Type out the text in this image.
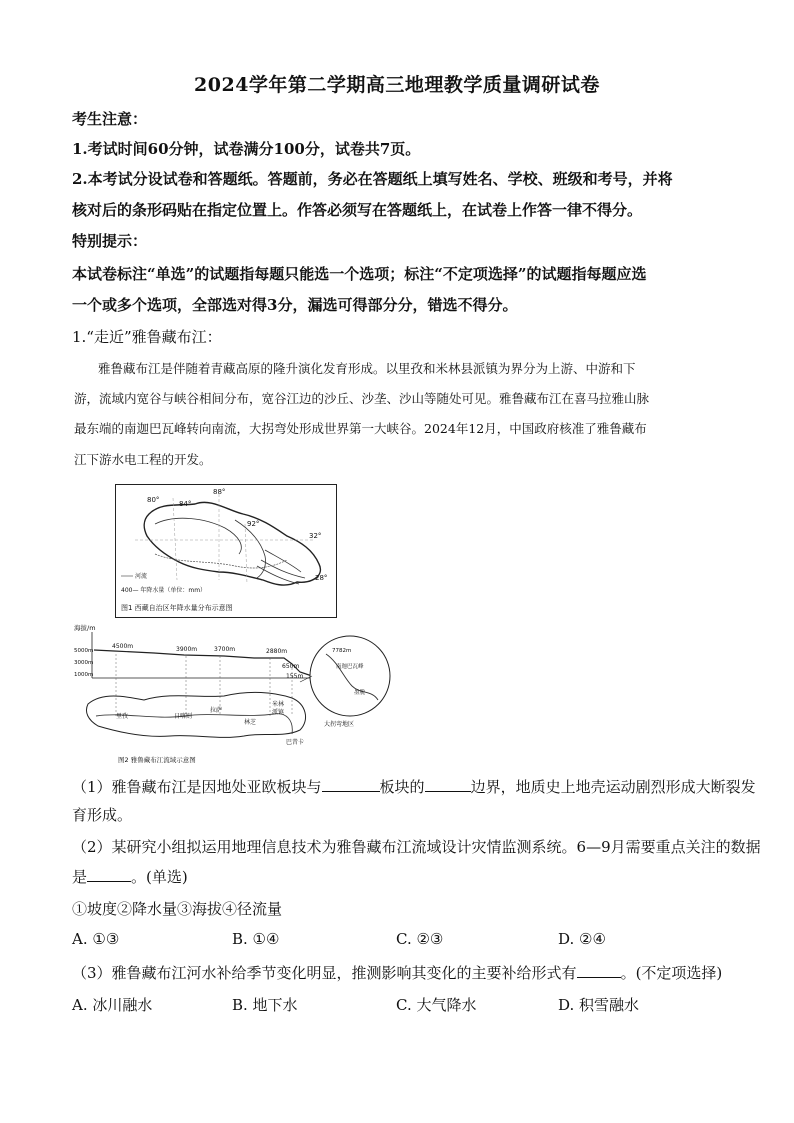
2024学年第二学期高三地理教学质量调研试卷
考生注意：
1.考试时间60分钟，试卷满分100分，试卷共7页。
2.本考试分设试卷和答题纸。答题前，务必在答题纸上填写姓名、学校、班级和考号，并将
核对后的条形码贴在指定位置上。作答必须写在答题纸上，在试卷上作答一律不得分。
特别提示：
本试卷标注“单选”的试题指每题只能选一个选项；标注“不定项选择”的试题指每题应选
一个或多个选项，全部选对得3分，漏选可得部分分，错选不得分。
1.“走近”雅鲁藏布江：
雅鲁藏布江是伴随着青藏高原的隆升演化发育形成。以里孜和米林县派镇为界分为上游、中游和下
游，流域内宽谷与峡谷相间分布，宽谷江边的沙丘、沙垄、沙山等随处可见。雅鲁藏布江在喜马拉雅山脉
最东端的南迦巴瓦峰转向南流，大拐弯处形成世界第一大峡谷。2024年12月，中国政府核准了雅鲁藏布
江下游水电工程的开发。
80°	84°
88°
92°
32°
28°
河流
400— 年降水量（单位：mm）
图1 西藏自治区年降水量分布示意图
海拔/m
5000m
3000m
1000m
4500m	3900m	3700m	2880m
650m
155m
里孜	日喀则
拉萨
米林
派镇
林芝
巴昔卡
7782m
南迦巴瓦峰
墨脱
大拐弯地区
图2 雅鲁藏布江流域示意图
（1）雅鲁藏布江是因地处亚欧板块与	板块的	边界，地质史上地壳运动剧烈形成大断裂发
育形成。
（2）某研究小组拟运用地理信息技术为雅鲁藏布江流域设计灾情监测系统。6—9月需要重点关注的数据
是	。(单选)
①坡度②降水量③海拔④径流量
A. ①③	B. ①④	C. ②③	D. ②④
（3）雅鲁藏布江河水补给季节变化明显，推测影响其变化的主要补给形式有	。(不定项选择)
A. 冰川融水	B. 地下水	C. 大气降水	D. 积雪融水
